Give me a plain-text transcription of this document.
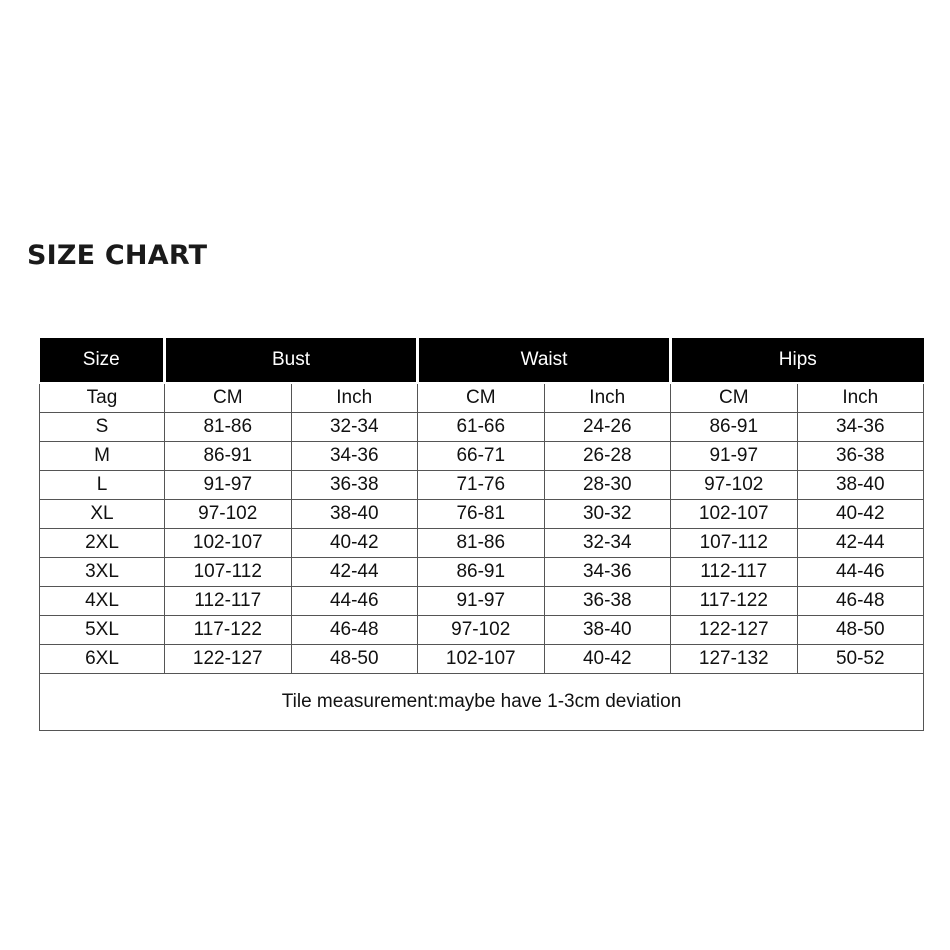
SIZE CHART
Size	Bust		Waist		Hips	
Tag	CM	Inch	CM	Inch	CM	Inch
S	81-86	32-34	61-66	24-26	86-91	34-36
M	86-91	34-36	66-71	26-28	91-97	36-38
L	91-97	36-38	71-76	28-30	97-102	38-40
XL	97-102	38-40	76-81	30-32	102-107	40-42
2XL	102-107	40-42	81-86	32-34	107-112	42-44
3XL	107-112	42-44	86-91	34-36	112-117	44-46
4XL	112-117	44-46	91-97	36-38	117-122	46-48
5XL	117-122	46-48	97-102	38-40	122-127	48-50
6XL	122-127	48-50	102-107	40-42	127-132	50-52
Tile measurement:maybe have 1-3cm deviation						
